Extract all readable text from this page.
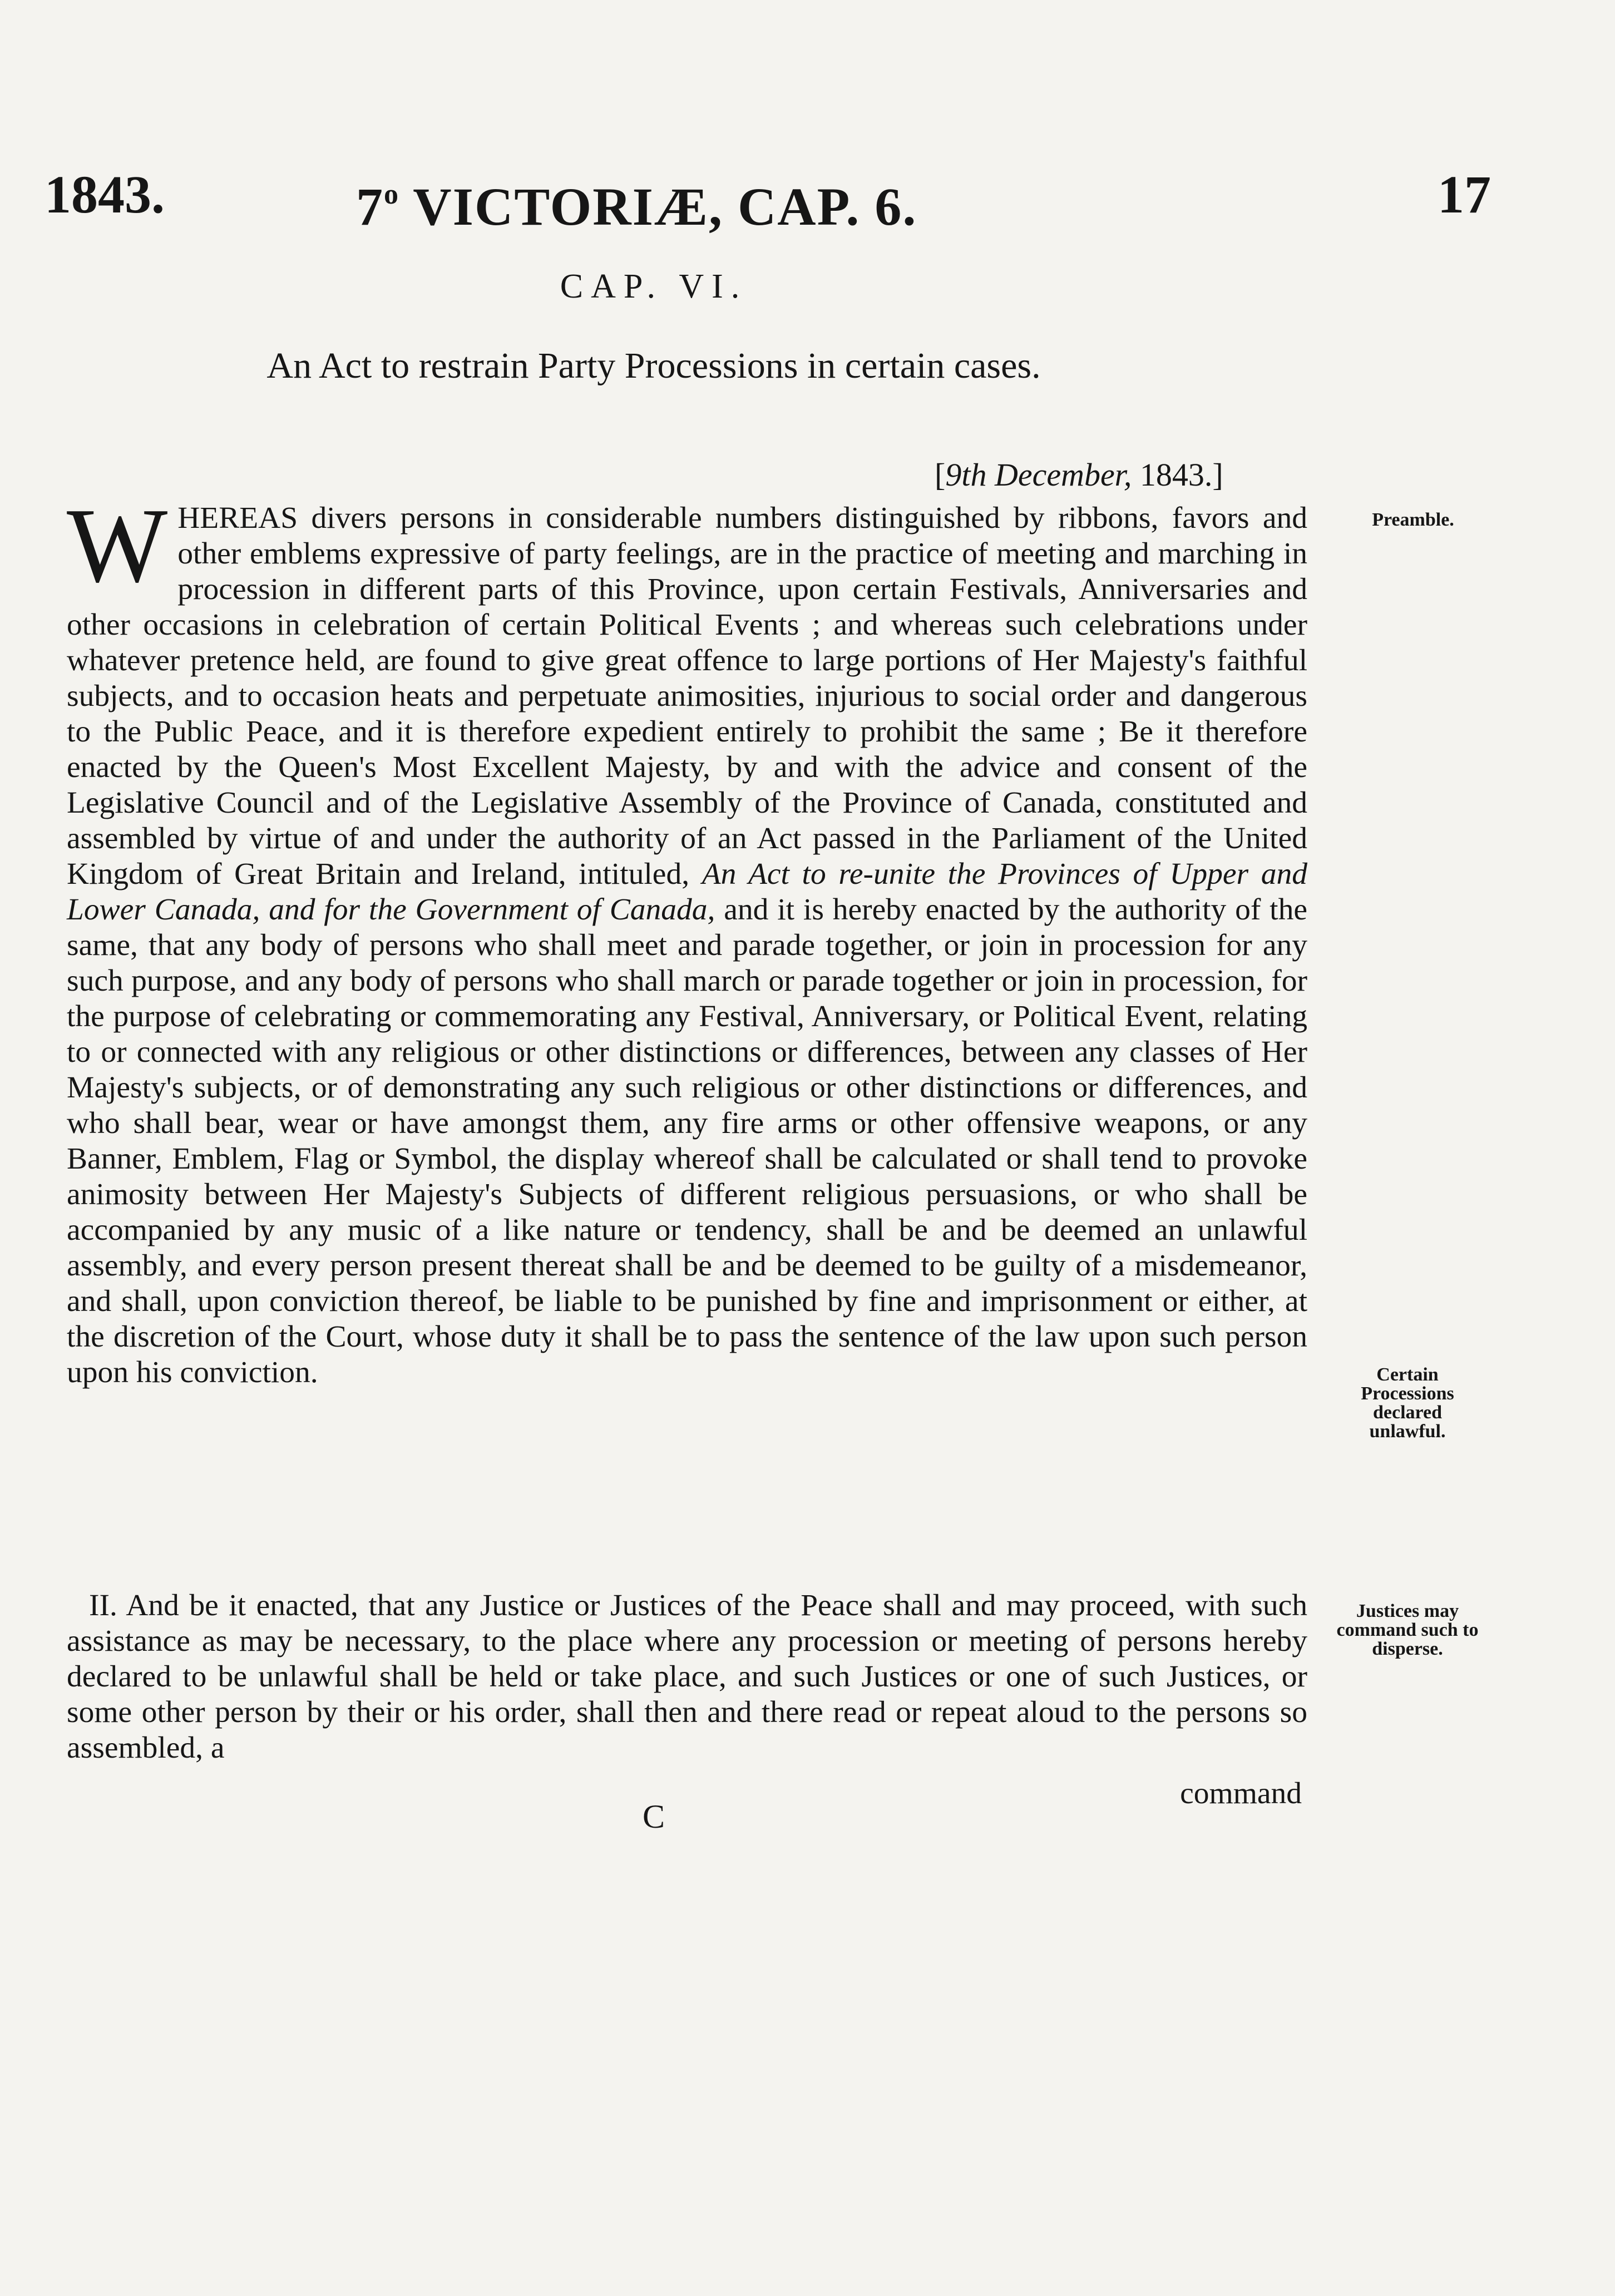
1843.	7$^o$ VICTORIÆ, CAP. 6.	17
CAP. VI.
An Act to restrain Party Processions in certain cases.
[9th December, 1843.]
WHEREAS divers persons in considerable numbers distinguished by ribbons, favors and other emblems expressive of party feelings, are in the practice of meeting and marching in procession in different parts of this Province, upon certain Festivals, Anniversaries and other occasions in celebration of certain Political Events ; and whereas such celebrations under whatever pretence held, are found to give great offence to large portions of Her Majesty's faithful subjects, and to occasion heats and perpetuate animosities, injurious to social order and dangerous to the Public Peace, and it is therefore expedient entirely to prohibit the same ; Be it therefore enacted by the Queen's Most Excellent Majesty, by and with the advice and consent of the Legislative Council and of the Legislative Assembly of the Province of Canada, constituted and assembled by virtue of and under the authority of an Act passed in the Parliament of the United Kingdom of Great Britain and Ireland, intituled, An Act to re-unite the Provinces of Upper and Lower Canada, and for the Government of Canada, and it is hereby enacted by the authority of the same, that any body of persons who shall meet and parade together, or join in procession for any such purpose, and any body of persons who shall march or parade together or join in procession, for the purpose of celebrating or commemorating any Festival, Anniversary, or Political Event, relating to or connected with any religious or other distinctions or differences, between any classes of Her Majesty's subjects, or of demonstrating any such religious or other distinctions or differences, and who shall bear, wear or have amongst them, any fire arms or other offensive weapons, or any Banner, Emblem, Flag or Symbol, the display whereof shall be calculated or shall tend to provoke animosity between Her Majesty's Subjects of different religious persuasions, or who shall be accompanied by any music of a like nature or tendency, shall be and be deemed an unlawful assembly, and every person present thereat shall be and be deemed to be guilty of a misdemeanor, and shall, upon conviction thereof, be liable to be punished by fine and imprisonment or either, at the discretion of the Court, whose duty it shall be to pass the sentence of the law upon such person upon his conviction.
II. And be it enacted, that any Justice or Justices of the Peace shall and may proceed, with such assistance as may be necessary, to the place where any procession or meeting of persons hereby declared to be unlawful shall be held or take place, and such Justices or one of such Justices, or some other person by their or his order, shall then and there read or repeat aloud to the persons so assembled, a
command
C
Preamble.
Certain Processions declared unlawful.
Justices may command such to disperse.
